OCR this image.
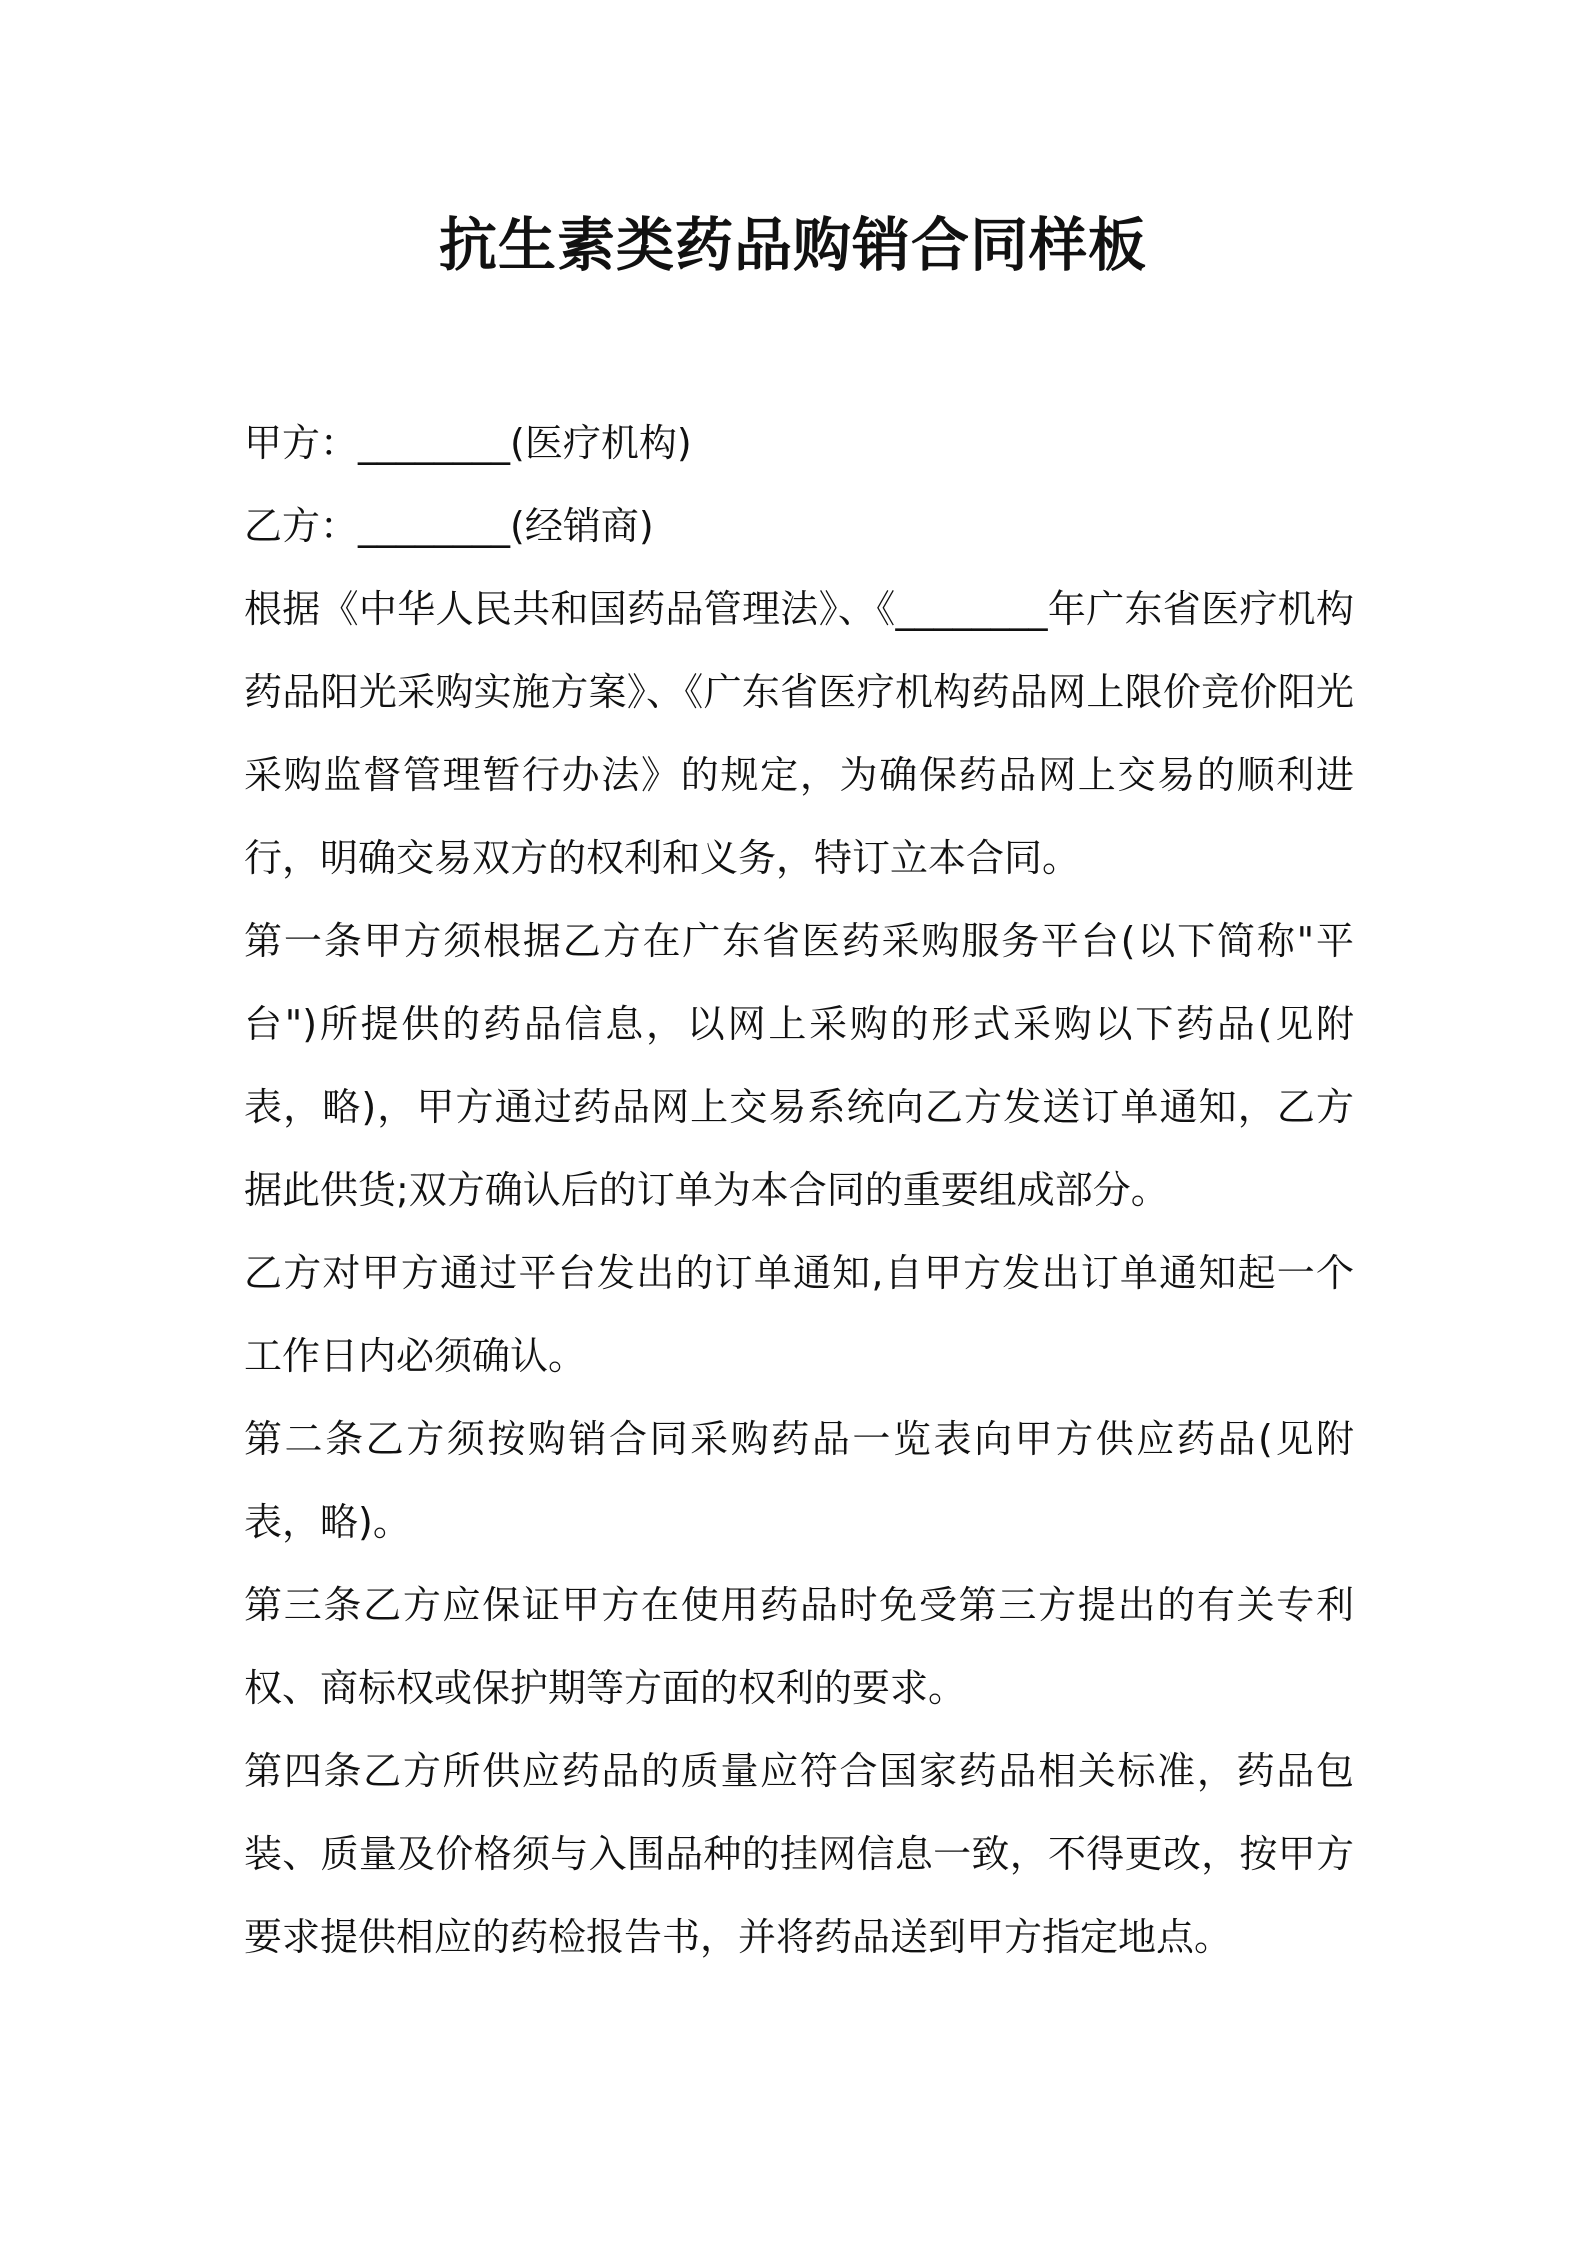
抗生素类药品购销合同样板

甲方：________(医疗机构)

乙方：________(经销商)

根据《中华人民共和国药品管理法》、《________年广东省医疗机构药品阳光采购实施方案》、《广东省医疗机构药品网上限价竞价阳光采购监督管理暂行办法》的规定，为确保药品网上交易的顺利进行，明确交易双方的权利和义务，特订立本合同。

第一条甲方须根据乙方在广东省医药采购服务平台(以下简称"平台")所提供的药品信息，以网上采购的形式采购以下药品(见附表，略)，甲方通过药品网上交易系统向乙方发送订单通知，乙方据此供货;双方确认后的订单为本合同的重要组成部分。

乙方对甲方通过平台发出的订单通知,自甲方发出订单通知起一个工作日内必须确认。

第二条乙方须按购销合同采购药品一览表向甲方供应药品(见附表，略)。

第三条乙方应保证甲方在使用药品时免受第三方提出的有关专利权、商标权或保护期等方面的权利的要求。

第四条乙方所供应药品的质量应符合国家药品相关标准，药品包装、质量及价格须与入围品种的挂网信息一致，不得更改，按甲方要求提供相应的药检报告书，并将药品送到甲方指定地点。
